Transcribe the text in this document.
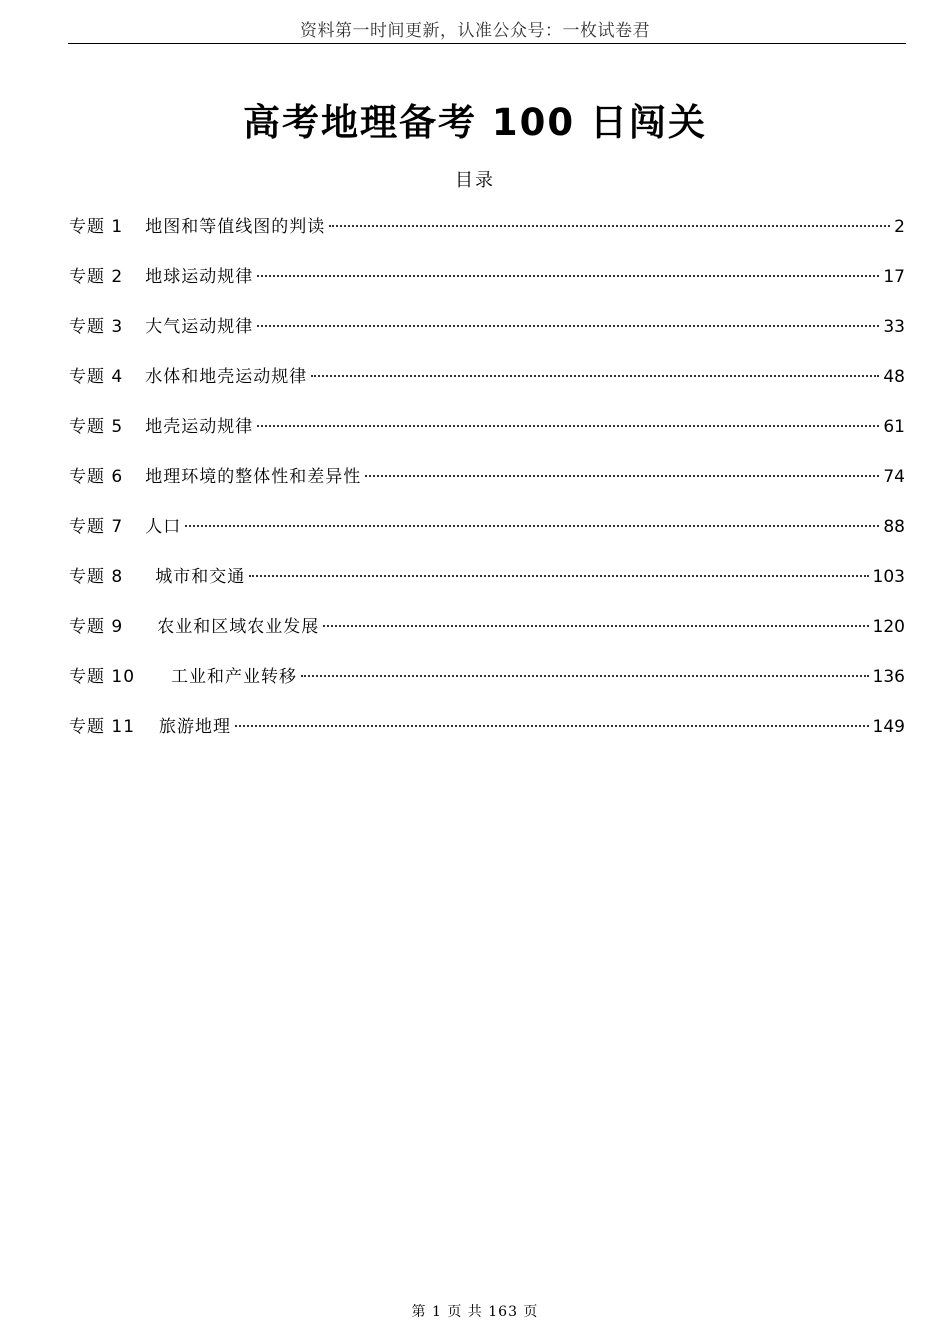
资料第一时间更新，认准公众号：一枚试卷君
高考地理备考 100 日闯关
目录
专题 1 地图和等值线图的判读	2
专题 2 地球运动规律	17
专题 3 大气运动规律	33
专题 4 水体和地壳运动规律	48
专题 5 地壳运动规律	61
专题 6 地理环境的整体性和差异性	74
专题 7 人口	88
专题 8 城市和交通	103
专题 9 农业和区域农业发展	120
专题 10 工业和产业转移	136
专题 11 旅游地理	149
第 1 页 共 163 页
